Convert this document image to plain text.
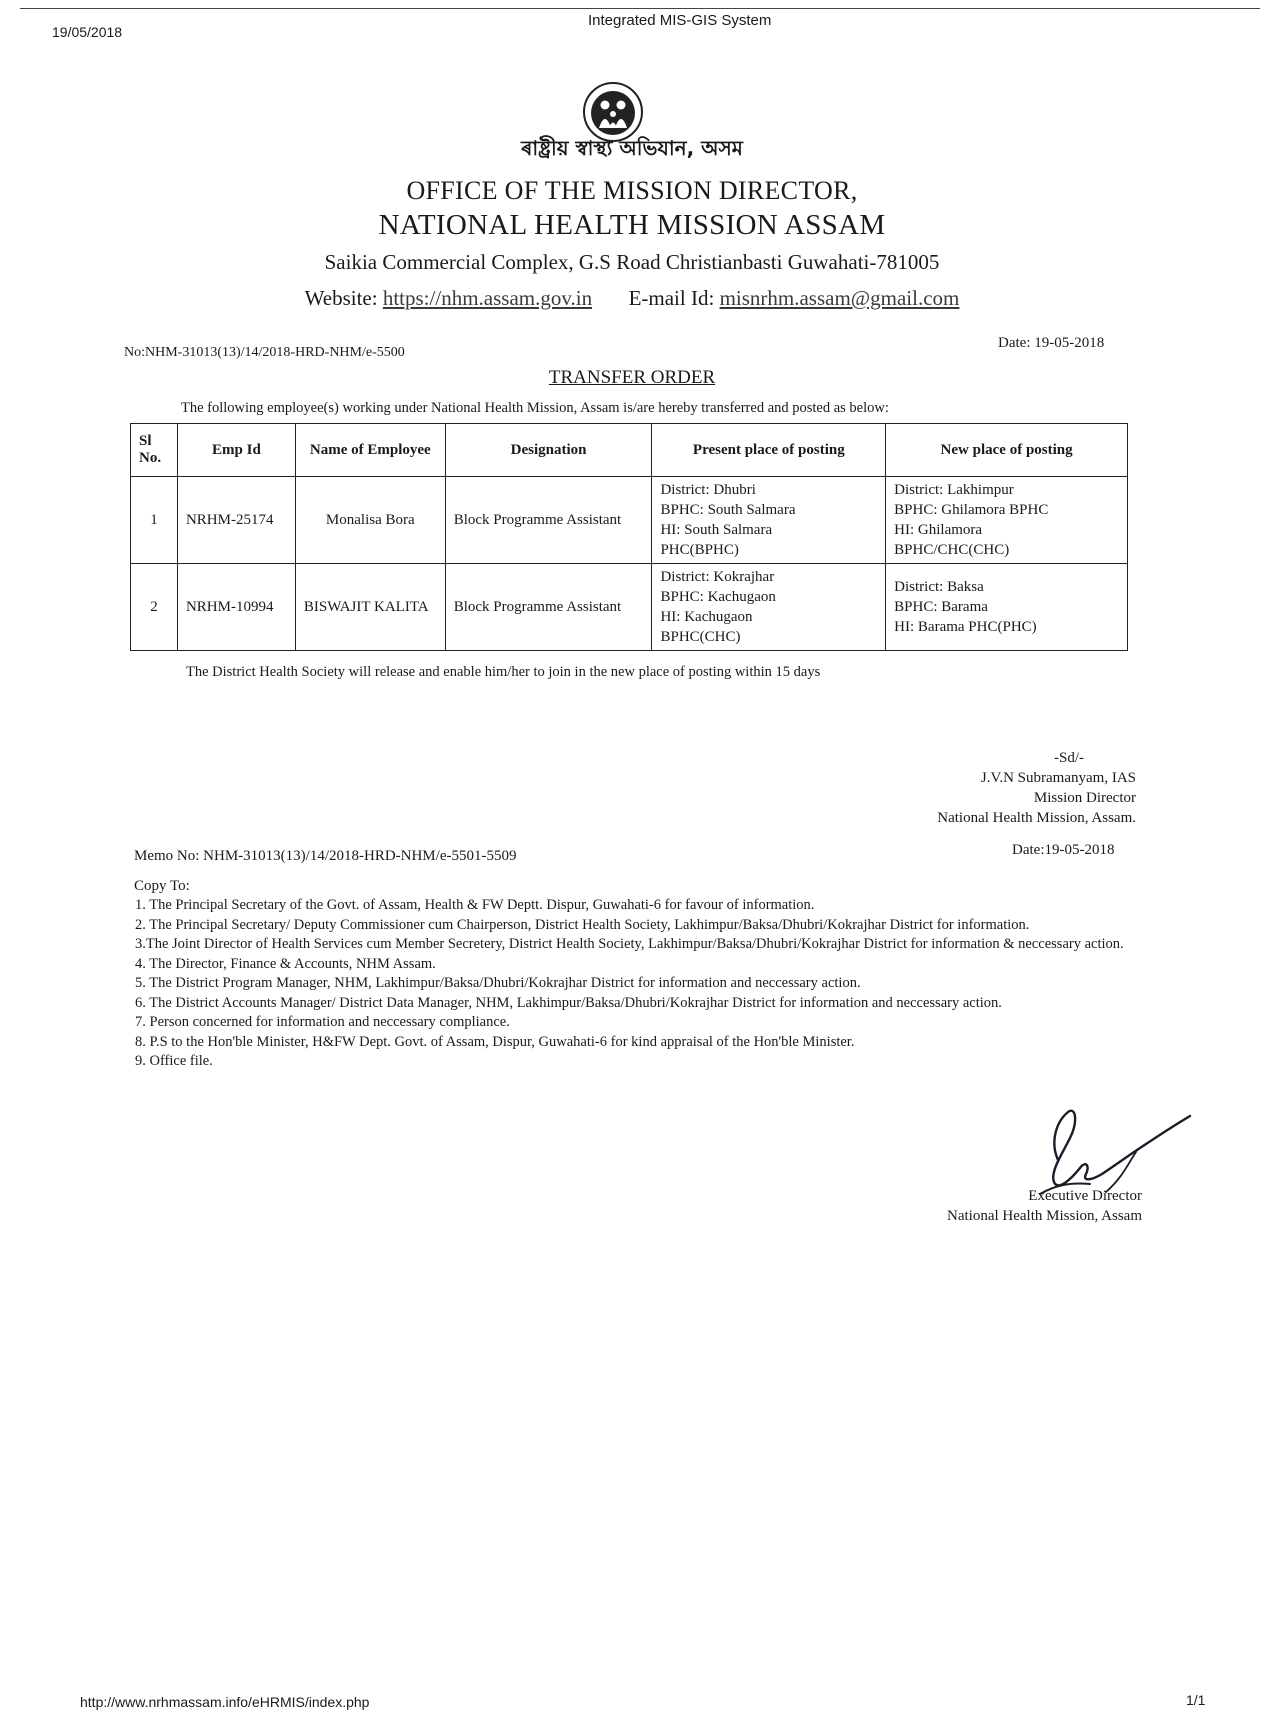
19/05/2018
Integrated MIS-GIS System
http://www.nrhmassam.info/eHRMIS/index.php	1/1
ৰাষ্ট্ৰীয় স্বাস্থ্য অভিযান, অসম
OFFICE OF THE MISSION DIRECTOR,
NATIONAL HEALTH MISSION ASSAM
Saikia Commercial Complex, G.S Road Christianbasti Guwahati-781005
Website: https://nhm.assam.gov.in E-mail Id: misnrhm.assam@gmail.com
No:NHM-31013(13)/14/2018-HRD-NHM/e-5500
Date: 19-05-2018
TRANSFER ORDER
The following employee(s) working under National Health Mission, Assam is/are hereby transferred and posted as below:
Sl No.	Emp Id	Name of Employee	Designation	Present place of posting	New place of posting
1	NRHM-25174	Monalisa Bora	Block Programme Assistant	District: Dhubri
BPHC: South Salmara
HI: South Salmara
PHC(BPHC)	District: Lakhimpur
BPHC: Ghilamora BPHC
HI: Ghilamora
BPHC/CHC(CHC)

2	NRHM-10994	BISWAJIT KALITA	Block Programme Assistant	District: Kokrajhar
BPHC: Kachugaon
HI: Kachugaon
BPHC(CHC)	District: Baksa
BPHC: Barama
HI: Barama PHC(PHC)
The District Health Society will release and enable him/her to join in the new place of posting within 15 days
-Sd/-
J.V.N Subramanyam, IAS
Mission Director
National Health Mission, Assam.
Memo No: NHM-31013(13)/14/2018-HRD-NHM/e-5501-5509	Date:19-05-2018
Copy To:
1. The Principal Secretary of the Govt. of Assam, Health & FW Deptt. Dispur, Guwahati-6 for favour of information.
2. The Principal Secretary/ Deputy Commissioner cum Chairperson, District Health Society, Lakhimpur/Baksa/Dhubri/Kokrajhar District for information.
3.The Joint Director of Health Services cum Member Secretery, District Health Society, Lakhimpur/Baksa/Dhubri/Kokrajhar District for information & neccessary action.
4. The Director, Finance & Accounts, NHM Assam.
5. The District Program Manager, NHM, Lakhimpur/Baksa/Dhubri/Kokrajhar District for information and neccessary action.
6. The District Accounts Manager/ District Data Manager, NHM, Lakhimpur/Baksa/Dhubri/Kokrajhar District for information and neccessary action.
7. Person concerned for information and neccessary compliance.
8. P.S to the Hon'ble Minister, H&FW Dept. Govt. of Assam, Dispur, Guwahati-6 for kind appraisal of the Hon'ble Minister.
9. Office file.
Executive Director
National Health Mission, Assam
